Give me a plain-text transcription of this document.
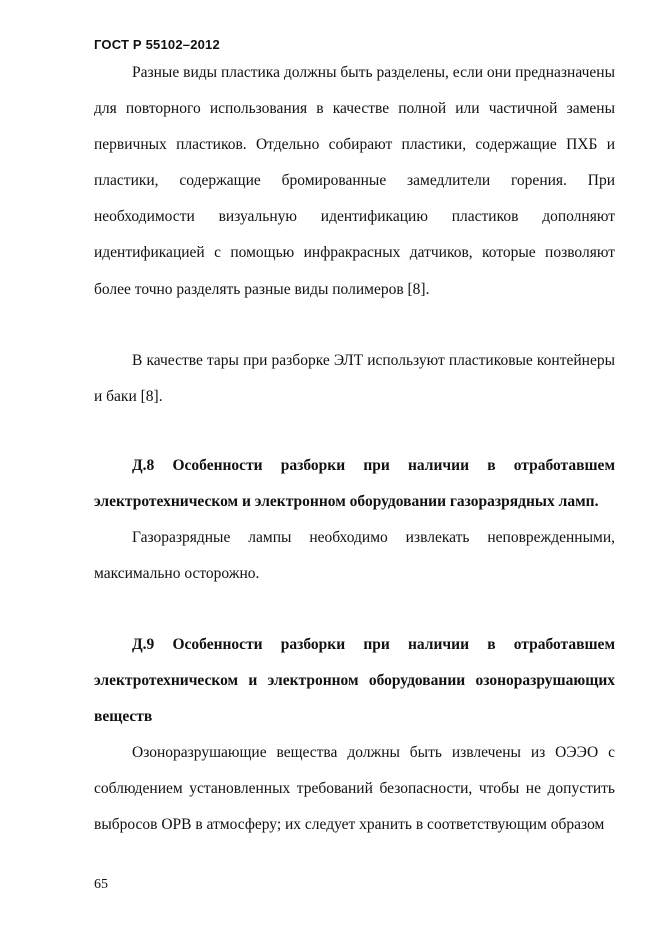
ГОСТ Р 55102–2012

Разные виды пластика должны быть разделены, если они предназначены для повторного использования в качестве полной или частичной замены первичных пластиков. Отдельно собирают пластики, содержащие ПХБ и пластики, содержащие бромированные замедлители горения. При необходимости визуальную идентификацию пластиков дополняют идентификацией с помощью инфракрасных датчиков, которые позволяют более точно разделять разные виды полимеров [8].

В качестве тары при разборке ЭЛТ используют пластиковые контейнеры и баки [8].

Д.8 Особенности разборки при наличии в отработавшем электротехническом и электронном оборудовании газоразрядных ламп.

Газоразрядные лампы необходимо извлекать неповрежденными, максимально осторожно.

Д.9 Особенности разборки при наличии в отработавшем электротехническом и электронном оборудовании озоноразрушающих веществ

Озоноразрушающие вещества должны быть извлечены из ОЭЭО с соблюдением установленных требований безопасности, чтобы не допустить выбросов ОРВ в атмосферу; их следует хранить в соответствующим образом

65
